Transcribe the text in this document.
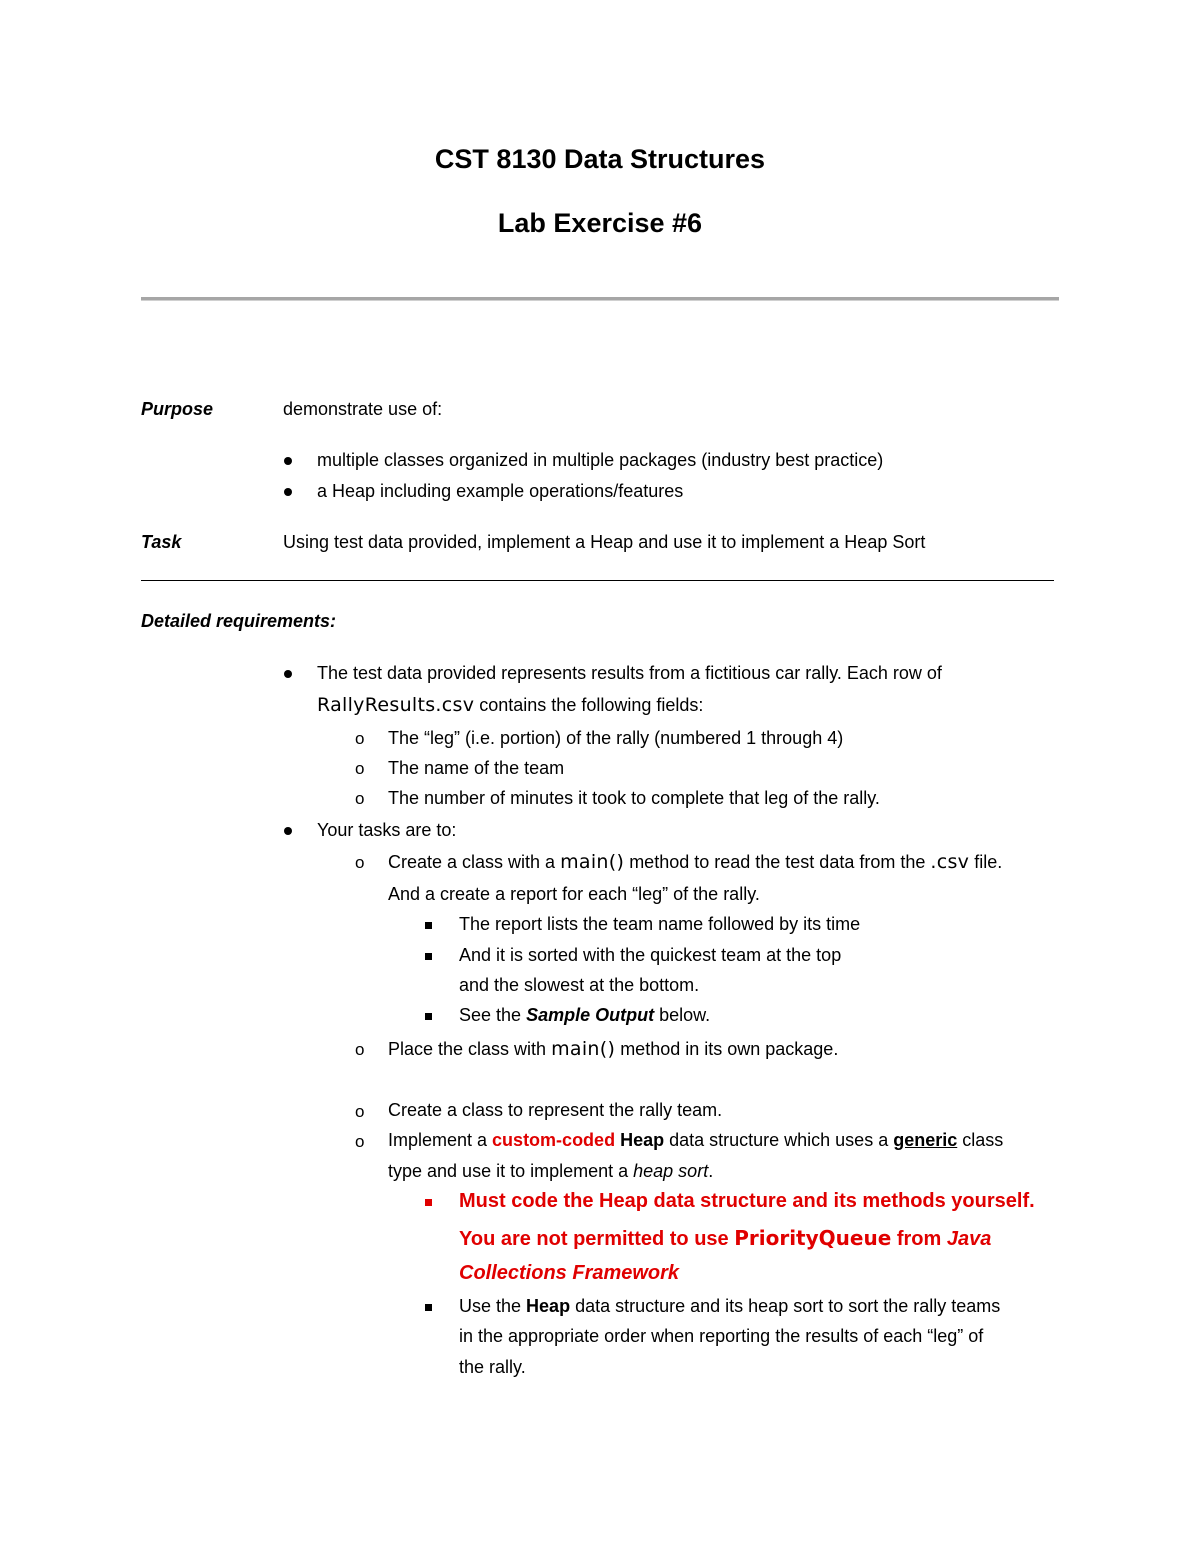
CST 8130 Data Structures
Lab Exercise #6
Purpose	demonstrate use of:
multiple classes organized in multiple packages (industry best practice)
a Heap including example operations/features
Task	Using test data provided, implement a Heap and use it to implement a Heap Sort
Detailed requirements:
The test data provided represents results from a fictitious car rally. Each row of
RallyResults.csv contains the following fields:
o The “leg” (i.e. portion) of the rally (numbered 1 through 4)
o The name of the team
o The number of minutes it took to complete that leg of the rally.
Your tasks are to:
o Create a class with a main() method to read the test data from the .csv file.
And a create a report for each “leg” of the rally.
The report lists the team name followed by its time
And it is sorted with the quickest team at the top
and the slowest at the bottom.
See the Sample Output below.
o Place the class with main() method in its own package.
o Create a class to represent the rally team.
o Implement a custom-coded Heap data structure which uses a generic class
type and use it to implement a heap sort.
Must code the Heap data structure and its methods yourself.
You are not permitted to use PriorityQueue from Java
Collections Framework
Use the Heap data structure and its heap sort to sort the rally teams
in the appropriate order when reporting the results of each “leg” of
the rally.
